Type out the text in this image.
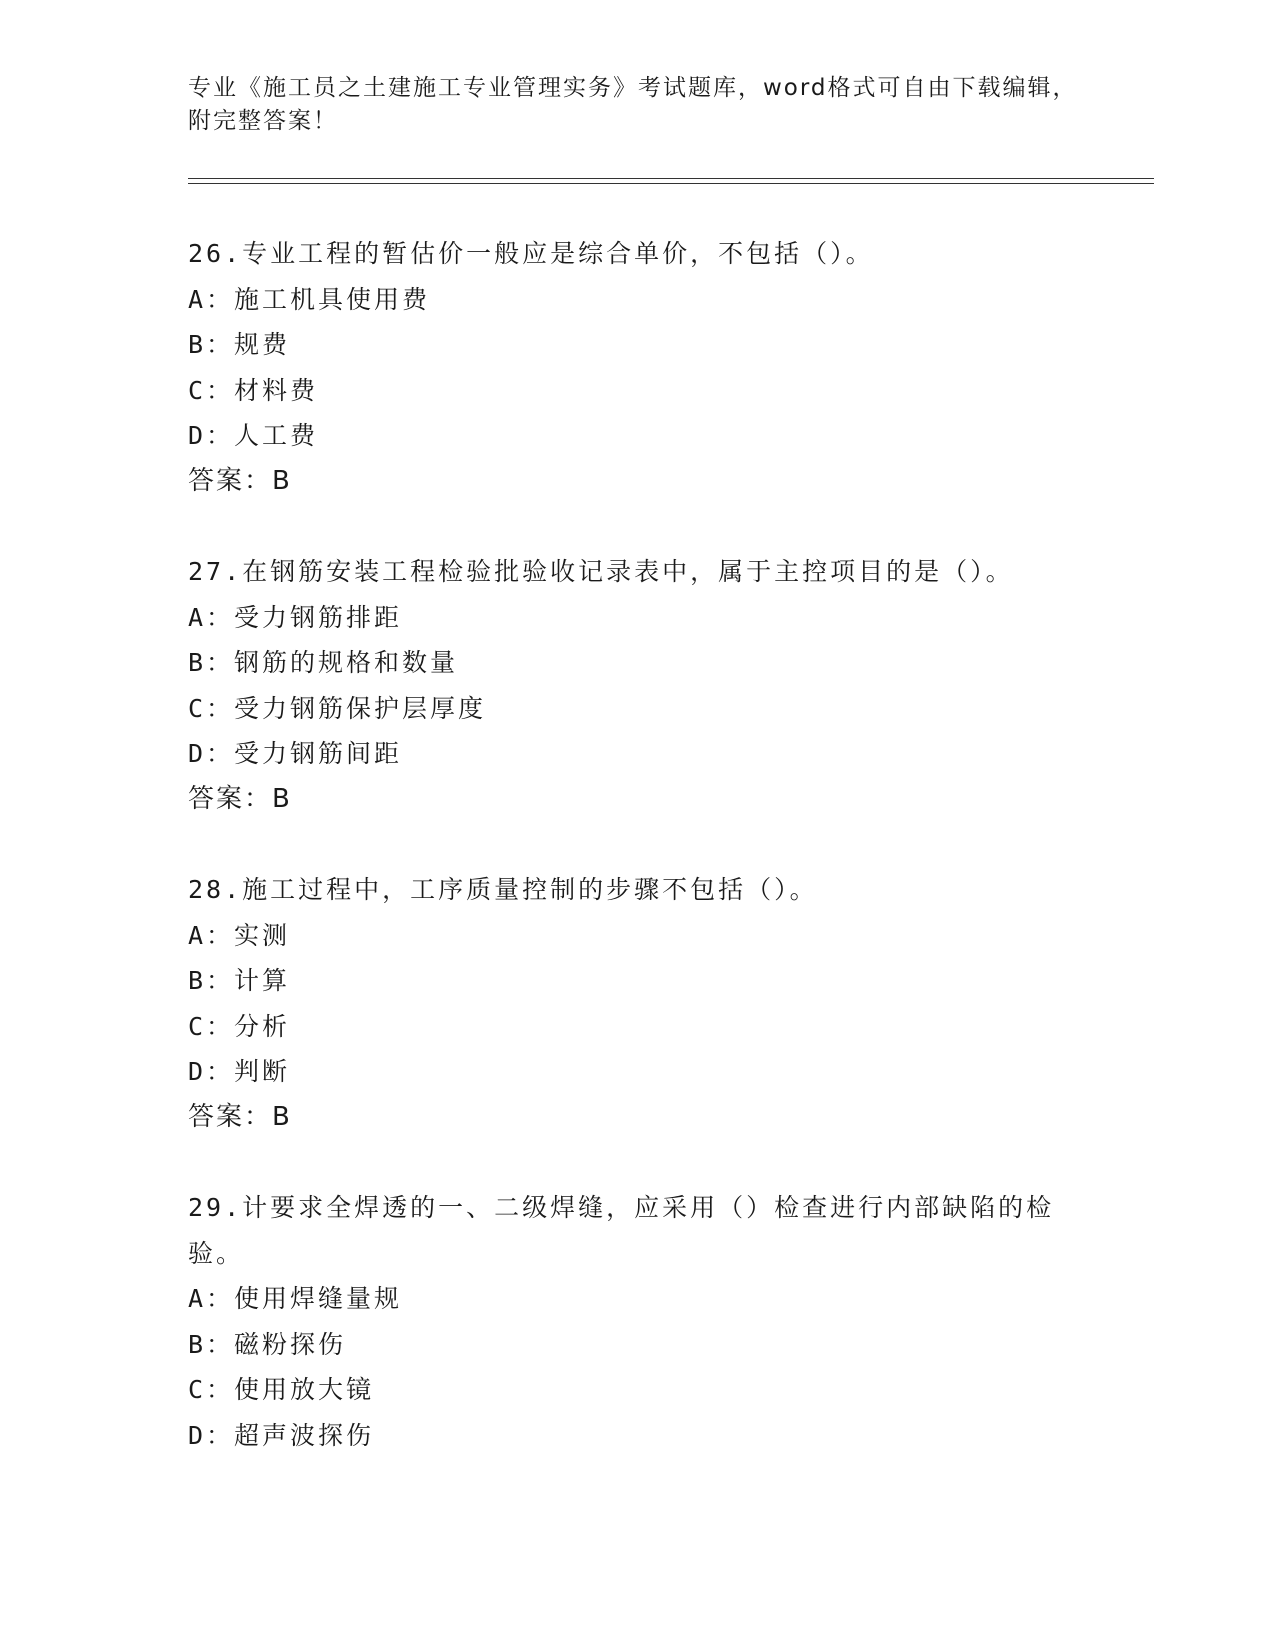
专业《施工员之土建施工专业管理实务》考试题库，word格式可自由下载编辑，
附完整答案！
26.专业工程的暂估价一般应是综合单价，不包括（）。
A：施工机具使用费
B：规费
C：材料费
D：人工费
答案：B
27.在钢筋安装工程检验批验收记录表中，属于主控项目的是（）。
A：受力钢筋排距
B：钢筋的规格和数量
C：受力钢筋保护层厚度
D：受力钢筋间距
答案：B
28.施工过程中，工序质量控制的步骤不包括（）。
A：实测
B：计算
C：分析
D：判断
答案：B
29.计要求全焊透的一、二级焊缝，应采用（）检查进行内部缺陷的检
验。
A：使用焊缝量规
B：磁粉探伤
C：使用放大镜
D：超声波探伤
